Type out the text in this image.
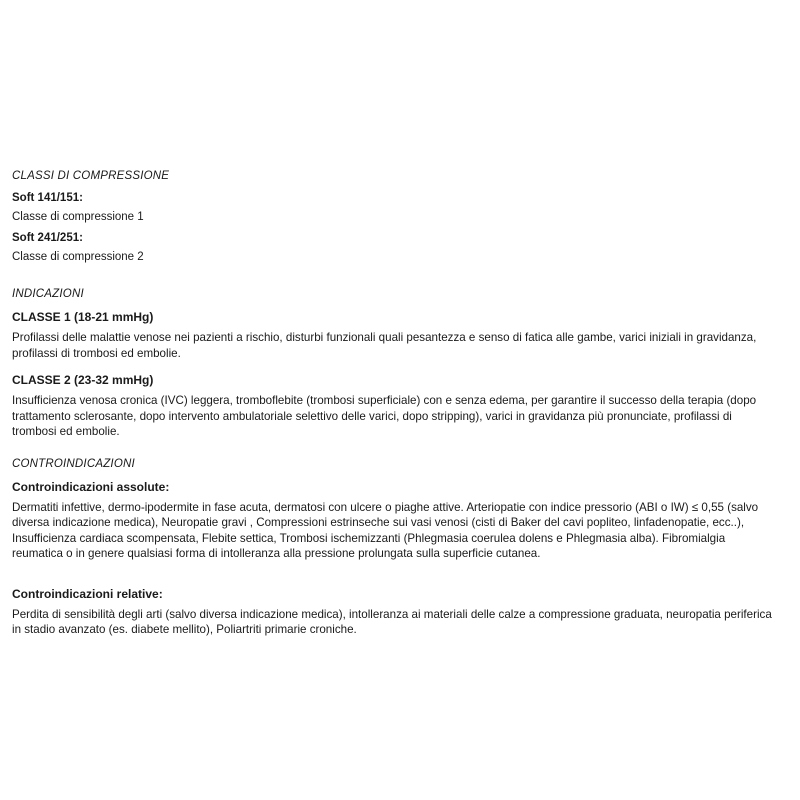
CLASSI DI COMPRESSIONE
Soft 141/151:
Classe di compressione 1
Soft 241/251:
Classe di compressione 2
INDICAZIONI
CLASSE 1 (18-21 mmHg)
Profilassi delle malattie venose nei pazienti a rischio, disturbi funzionali quali pesantezza e senso di fatica alle gambe, varici iniziali in gravidanza, profilassi di trombosi ed embolie.
CLASSE 2 (23-32 mmHg)
Insufficienza venosa cronica (IVC) leggera, tromboflebite (trombosi superficiale) con e senza edema, per garantire il successo della terapia (dopo trattamento sclerosante, dopo intervento ambulatoriale selettivo delle varici, dopo stripping), varici in gravidanza più pronunciate, profilassi di trombosi ed embolie.
CONTROINDICAZIONI
Controindicazioni assolute:
Dermatiti infettive, dermo-ipodermite in fase acuta, dermatosi con ulcere o piaghe attive. Arteriopatie con indice pressorio (ABI o IW) ≤ 0,55 (salvo diversa indicazione medica), Neuropatie gravi , Compressioni estrinseche sui vasi venosi (cisti di Baker del cavi popliteo, linfadenopatie, ecc..), Insufficienza cardiaca scompensata, Flebite settica, Trombosi ischemizzanti (Phlegmasia coerulea dolens e Phlegmasia alba). Fibromialgia reumatica o in genere qualsiasi forma di intolleranza alla pressione prolungata sulla superficie cutanea.
Controindicazioni relative:
Perdita di sensibilità degli arti (salvo diversa indicazione medica), intolleranza ai materiali delle calze a compressione graduata, neuropatia periferica in stadio avanzato (es. diabete mellito), Poliartriti primarie croniche.
